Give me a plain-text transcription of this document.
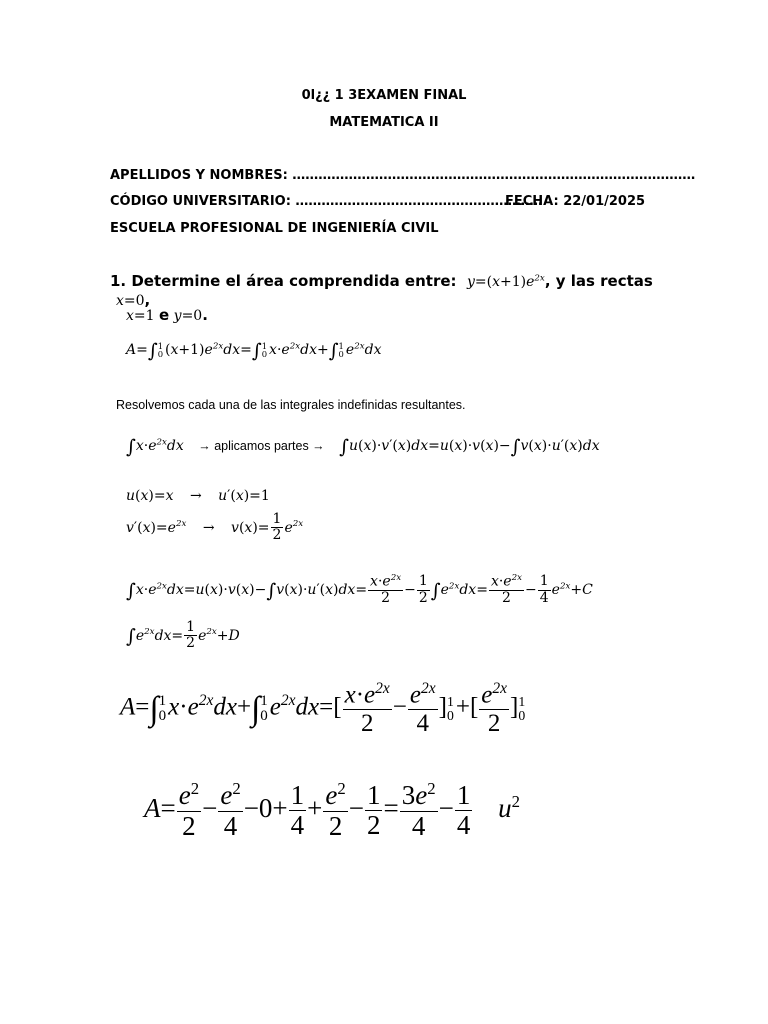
0l¿¿ 1 3EXAMEN FINAL
MATEMATICA II
APELLIDOS Y NOMBRES: …………………………………………………………………………………
CÓDIGO UNIVERSITARIO: …………………………………………………
FECHA: 22/01/2025
ESCUELA PROFESIONAL DE INGENIERÍA CIVIL
1. Determine el área comprendida entre: $y=(x+1)e^{2x}$, y las rectas x=0,
x=1 e y=0.
A=∫ 1
0 $(x+1)e^{2x}dx=\int$ 1
0 $x\cdot e^{2x}dx+\int$ 1
0 $e^{2x}dx$
Resolvemos cada una de las integrales indefinidas resultantes.
$\int x\cdot e^{2x}dx$ → aplicamos partes → ∫u(x)·v′(x)dx=u(x)·v(x)−∫v(x)·u′(x)dx
u(x)=x → u′(x)=1
$v'(x)=e^{2x} \to v(x)= \frac{1}{2} e^{2x}$
$\int x\cdot e^{2x}dx=u(x)\cdot v(x)-\int v(x)\cdot u'(x)dx= \frac{x\cdot e^{2x}}{2} - \frac{1}{2} \int e^{2x}dx= \frac{x\cdot e^{2x}}{2} - \frac{1}{4} e^{2x}+C$
$\int e^{2x}dx= \frac{1}{2} e^{2x}+D$
A=∫ 1
0 $x\cdot e^{2x}dx+\int$ 1
0 $e^{2x}dx=[ \frac{x\cdot e^{2x}}{2} - \frac{e^{2x}}{4}$ ] 1
0 +[ $\frac{e^{2x}}{2}$ ] 1
0
$A= \frac{e^2}{2} - \frac{e^2}{4} -0+ \frac{1}{4} + \frac{e^2}{2} - \frac{1}{2} = \frac{3e^2}{4} - \frac{1}{4} u^2$
